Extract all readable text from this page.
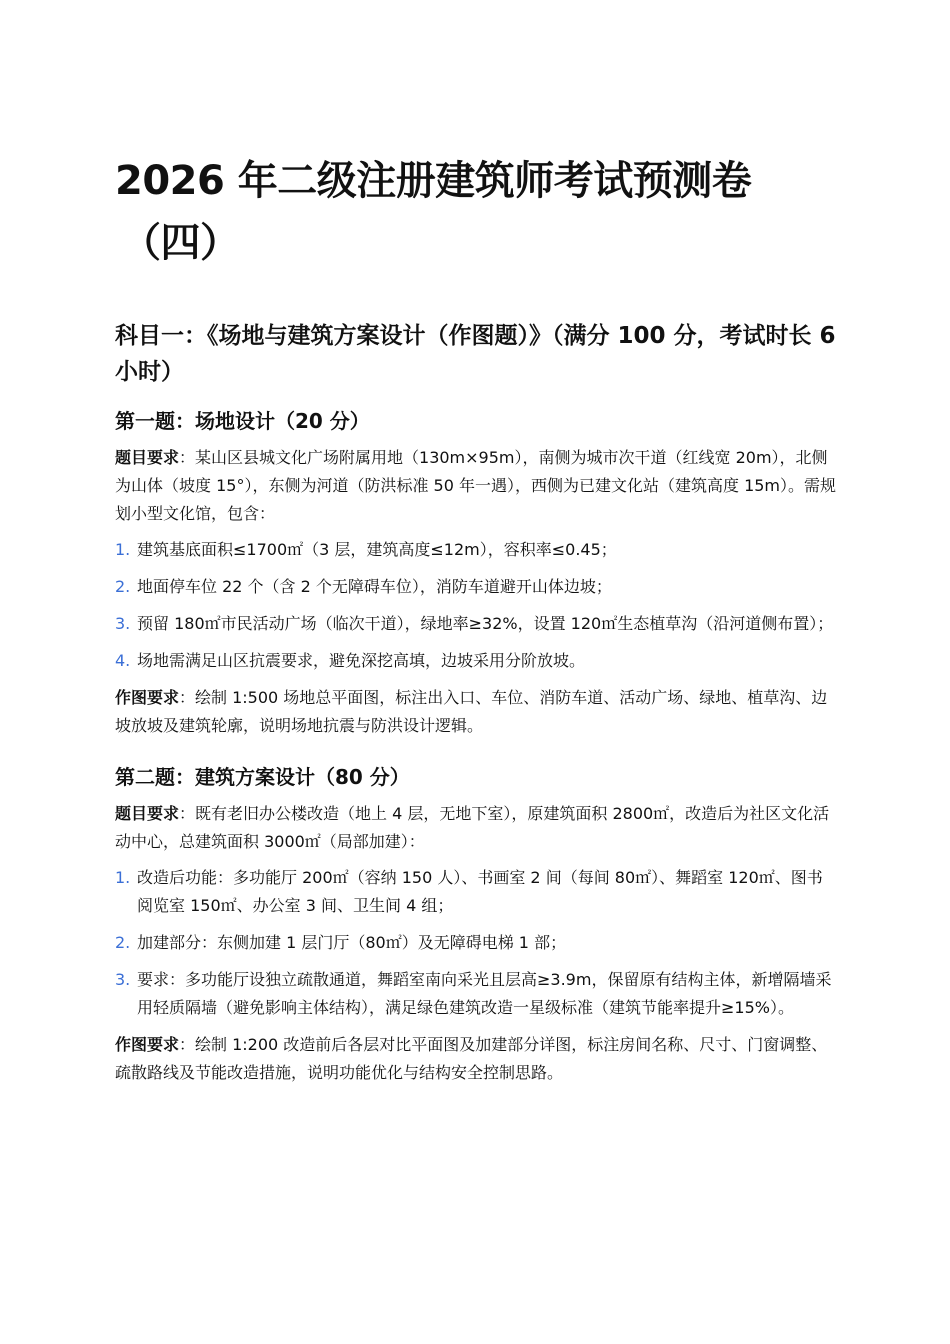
2026 年二级注册建筑师考试预测卷
（四）
科目一：《场地与建筑方案设计（作图题）》（满分 100 分，考试时长 6 小时）
第一题：场地设计（20 分）

题目要求：某山区县城文化广场附属用地（130m×95m），南侧为城市次干道（红线宽 20m），北侧为山体（坡度 15°），东侧为河道（防洪标准 50 年一遇），西侧为已建文化站（建筑高度 15m）。需规划小型文化馆，包含：

1. 建筑基底面积≤1700㎡（3 层，建筑高度≤12m），容积率≤0.45；
2. 地面停车位 22 个（含 2 个无障碍车位），消防车道避开山体边坡；
3. 预留 180㎡市民活动广场（临次干道），绿地率≥32%，设置 120㎡生态植草沟（沿河道侧布置）；
4. 场地需满足山区抗震要求，避免深挖高填，边坡采用分阶放坡。

作图要求：绘制 1:500 场地总平面图，标注出入口、车位、消防车道、活动广场、绿地、植草沟、边坡放坡及建筑轮廓，说明场地抗震与防洪设计逻辑。

第二题：建筑方案设计（80 分）

题目要求：既有老旧办公楼改造（地上 4 层，无地下室），原建筑面积 2800㎡，改造后为社区文化活动中心，总建筑面积 3000㎡（局部加建）：

1. 改造后功能：多功能厅 200㎡（容纳 150 人）、书画室 2 间（每间 80㎡）、舞蹈室 120㎡、图书阅览室 150㎡、办公室 3 间、卫生间 4 组；
2. 加建部分：东侧加建 1 层门厅（80㎡）及无障碍电梯 1 部；
3. 要求：多功能厅设独立疏散通道，舞蹈室南向采光且层高≥3.9m，保留原有结构主体，新增隔墙采用轻质隔墙（避免影响主体结构），满足绿色建筑改造一星级标准（建筑节能率提升≥15%）。

作图要求：绘制 1:200 改造前后各层对比平面图及加建部分详图，标注房间名称、尺寸、门窗调整、疏散路线及节能改造措施，说明功能优化与结构安全控制思路。
